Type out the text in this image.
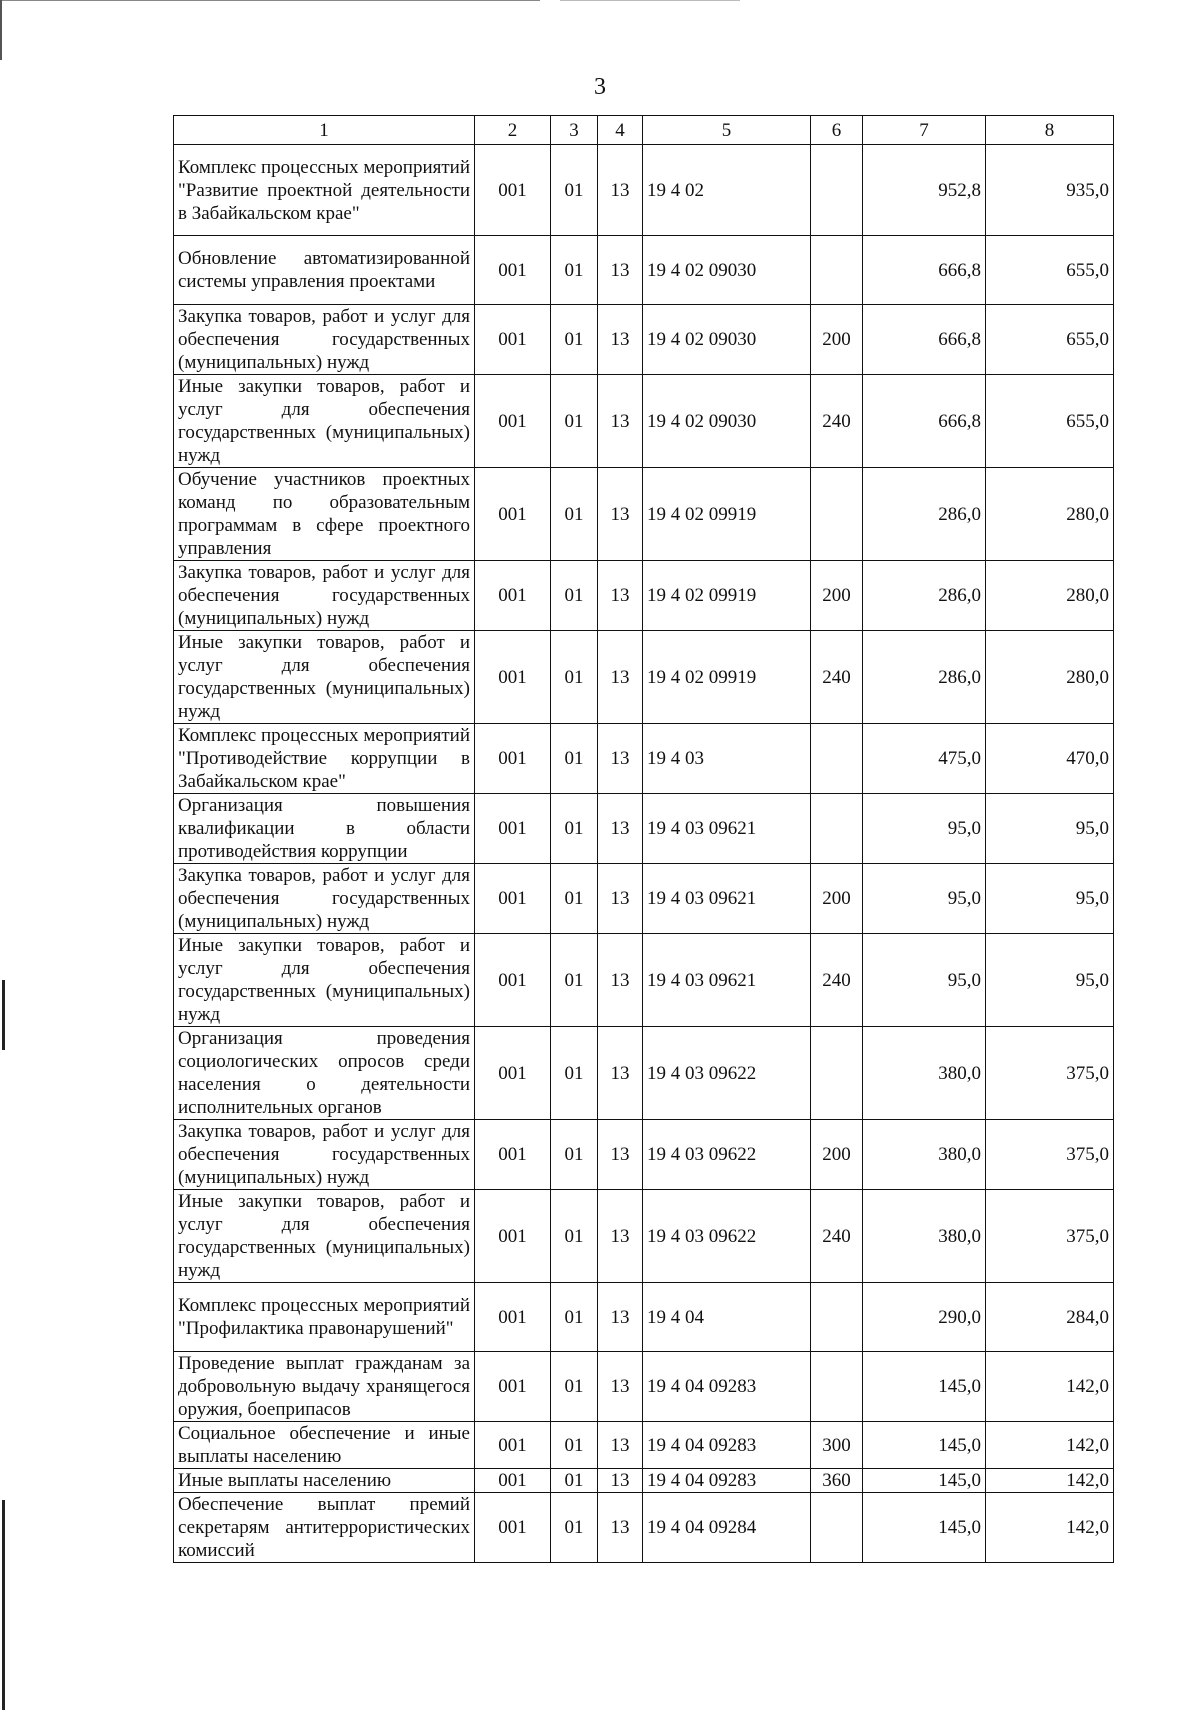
3
1	2	3	4	5	6	7	8
Комплекс процессных мероприятий "Развитие проектной деятельности в Забайкальском крае"	001	01	13	19 4 02		952,8	935,0
Обновление автоматизированной системы управления проектами	001	01	13	19 4 02 09030		666,8	655,0
Закупка товаров, работ и услуг для обеспечения государственных (муниципальных) нужд	001	01	13	19 4 02 09030	200	666,8	655,0
Иные закупки товаров, работ и услуг для обеспечения государственных (муниципальных) нужд	001	01	13	19 4 02 09030	240	666,8	655,0
Обучение участников проектных команд по образовательным программам в сфере проектного управления	001	01	13	19 4 02 09919		286,0	280,0
Закупка товаров, работ и услуг для обеспечения государственных (муниципальных) нужд	001	01	13	19 4 02 09919	200	286,0	280,0
Иные закупки товаров, работ и услуг для обеспечения государственных (муниципальных) нужд	001	01	13	19 4 02 09919	240	286,0	280,0
Комплекс процессных мероприятий "Противодействие коррупции в Забайкальском крае"	001	01	13	19 4 03		475,0	470,0
Организация повышения квалификации в области противодействия коррупции	001	01	13	19 4 03 09621		95,0	95,0
Закупка товаров, работ и услуг для обеспечения государственных (муниципальных) нужд	001	01	13	19 4 03 09621	200	95,0	95,0
Иные закупки товаров, работ и услуг для обеспечения государственных (муниципальных) нужд	001	01	13	19 4 03 09621	240	95,0	95,0
Организация проведения социологических опросов среди населения о деятельности исполнительных органов	001	01	13	19 4 03 09622		380,0	375,0
Закупка товаров, работ и услуг для обеспечения государственных (муниципальных) нужд	001	01	13	19 4 03 09622	200	380,0	375,0
Иные закупки товаров, работ и услуг для обеспечения государственных (муниципальных) нужд	001	01	13	19 4 03 09622	240	380,0	375,0
Комплекс процессных мероприятий "Профилактика правонарушений"	001	01	13	19 4 04		290,0	284,0
Проведение выплат гражданам за добровольную выдачу хранящегося оружия, боеприпасов	001	01	13	19 4 04 09283		145,0	142,0
Социальное обеспечение и иные выплаты населению	001	01	13	19 4 04 09283	300	145,0	142,0
Иные выплаты населению	001	01	13	19 4 04 09283	360	145,0	142,0
Обеспечение выплат премий секретарям антитеррористических комиссий	001	01	13	19 4 04 09284		145,0	142,0
